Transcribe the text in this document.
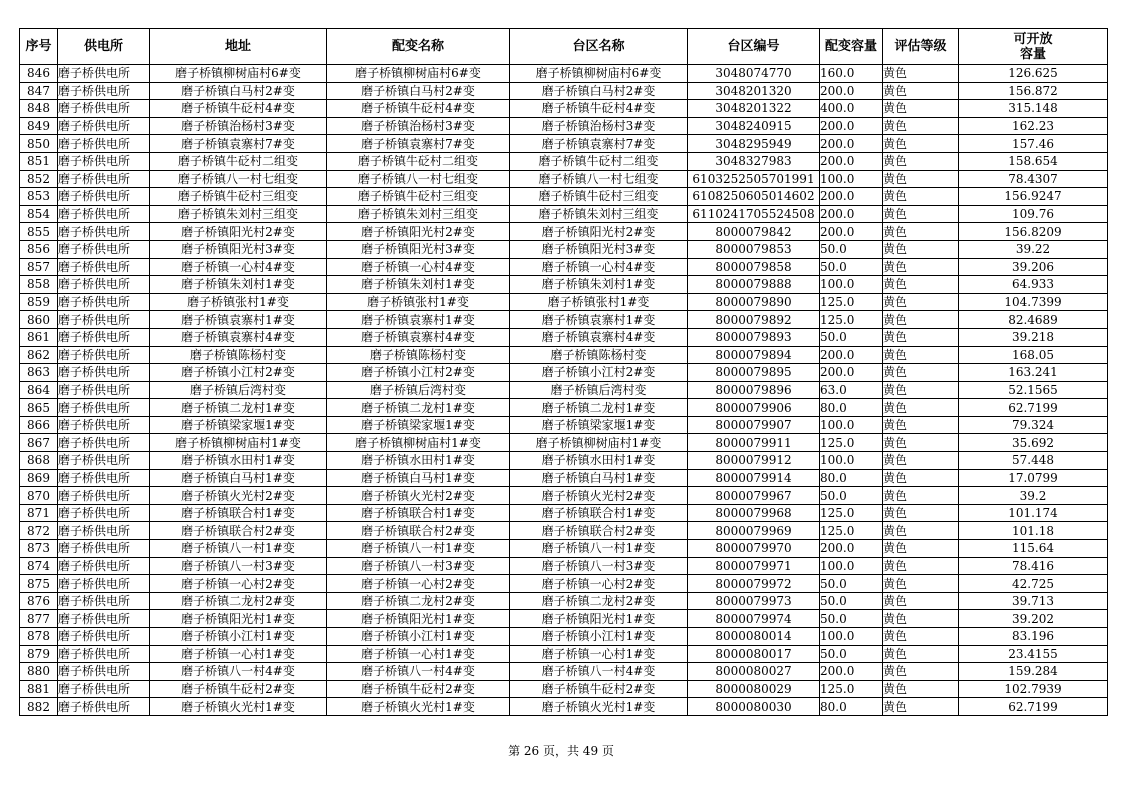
序号	供电所	地址	配变名称	台区名称	台区编号	配变容量	评估等级	可开放
容量

846	磨子桥供电所	磨子桥镇柳树庙村6#变	磨子桥镇柳树庙村6#变	磨子桥镇柳树庙村6#变	3048074770	160.0	黄色	126.625
847	磨子桥供电所	磨子桥镇白马村2#变	磨子桥镇白马村2#变	磨子桥镇白马村2#变	3048201320	200.0	黄色	156.872
848	磨子桥供电所	磨子桥镇牛砭村4#变	磨子桥镇牛砭村4#变	磨子桥镇牛砭村4#变	3048201322	400.0	黄色	315.148
849	磨子桥供电所	磨子桥镇治杨村3#变	磨子桥镇治杨村3#变	磨子桥镇治杨村3#变	3048240915	200.0	黄色	162.23
850	磨子桥供电所	磨子桥镇袁寨村7#变	磨子桥镇袁寨村7#变	磨子桥镇袁寨村7#变	3048295949	200.0	黄色	157.46
851	磨子桥供电所	磨子桥镇牛砭村二组变	磨子桥镇牛砭村二组变	磨子桥镇牛砭村二组变	3048327983	200.0	黄色	158.654
852	磨子桥供电所	磨子桥镇八一村七组变	磨子桥镇八一村七组变	磨子桥镇八一村七组变	6103252505701991	100.0	黄色	78.4307
853	磨子桥供电所	磨子桥镇牛砭村三组变	磨子桥镇牛砭村三组变	磨子桥镇牛砭村三组变	6108250605014602	200.0	黄色	156.9247
854	磨子桥供电所	磨子桥镇朱刘村三组变	磨子桥镇朱刘村三组变	磨子桥镇朱刘村三组变	6110241705524508	200.0	黄色	109.76
855	磨子桥供电所	磨子桥镇阳光村2#变	磨子桥镇阳光村2#变	磨子桥镇阳光村2#变	8000079842	200.0	黄色	156.8209
856	磨子桥供电所	磨子桥镇阳光村3#变	磨子桥镇阳光村3#变	磨子桥镇阳光村3#变	8000079853	50.0	黄色	39.22
857	磨子桥供电所	磨子桥镇一心村4#变	磨子桥镇一心村4#变	磨子桥镇一心村4#变	8000079858	50.0	黄色	39.206
858	磨子桥供电所	磨子桥镇朱刘村1#变	磨子桥镇朱刘村1#变	磨子桥镇朱刘村1#变	8000079888	100.0	黄色	64.933
859	磨子桥供电所	磨子桥镇张村1#变	磨子桥镇张村1#变	磨子桥镇张村1#变	8000079890	125.0	黄色	104.7399
860	磨子桥供电所	磨子桥镇袁寨村1#变	磨子桥镇袁寨村1#变	磨子桥镇袁寨村1#变	8000079892	125.0	黄色	82.4689
861	磨子桥供电所	磨子桥镇袁寨村4#变	磨子桥镇袁寨村4#变	磨子桥镇袁寨村4#变	8000079893	50.0	黄色	39.218
862	磨子桥供电所	磨子桥镇陈杨村变	磨子桥镇陈杨村变	磨子桥镇陈杨村变	8000079894	200.0	黄色	168.05
863	磨子桥供电所	磨子桥镇小江村2#变	磨子桥镇小江村2#变	磨子桥镇小江村2#变	8000079895	200.0	黄色	163.241
864	磨子桥供电所	磨子桥镇后湾村变	磨子桥镇后湾村变	磨子桥镇后湾村变	8000079896	63.0	黄色	52.1565
865	磨子桥供电所	磨子桥镇二龙村1#变	磨子桥镇二龙村1#变	磨子桥镇二龙村1#变	8000079906	80.0	黄色	62.7199
866	磨子桥供电所	磨子桥镇梁家堰1#变	磨子桥镇梁家堰1#变	磨子桥镇梁家堰1#变	8000079907	100.0	黄色	79.324
867	磨子桥供电所	磨子桥镇柳树庙村1#变	磨子桥镇柳树庙村1#变	磨子桥镇柳树庙村1#变	8000079911	125.0	黄色	35.692
868	磨子桥供电所	磨子桥镇水田村1#变	磨子桥镇水田村1#变	磨子桥镇水田村1#变	8000079912	100.0	黄色	57.448
869	磨子桥供电所	磨子桥镇白马村1#变	磨子桥镇白马村1#变	磨子桥镇白马村1#变	8000079914	80.0	黄色	17.0799
870	磨子桥供电所	磨子桥镇火光村2#变	磨子桥镇火光村2#变	磨子桥镇火光村2#变	8000079967	50.0	黄色	39.2
871	磨子桥供电所	磨子桥镇联合村1#变	磨子桥镇联合村1#变	磨子桥镇联合村1#变	8000079968	125.0	黄色	101.174
872	磨子桥供电所	磨子桥镇联合村2#变	磨子桥镇联合村2#变	磨子桥镇联合村2#变	8000079969	125.0	黄色	101.18
873	磨子桥供电所	磨子桥镇八一村1#变	磨子桥镇八一村1#变	磨子桥镇八一村1#变	8000079970	200.0	黄色	115.64
874	磨子桥供电所	磨子桥镇八一村3#变	磨子桥镇八一村3#变	磨子桥镇八一村3#变	8000079971	100.0	黄色	78.416
875	磨子桥供电所	磨子桥镇一心村2#变	磨子桥镇一心村2#变	磨子桥镇一心村2#变	8000079972	50.0	黄色	42.725
876	磨子桥供电所	磨子桥镇二龙村2#变	磨子桥镇二龙村2#变	磨子桥镇二龙村2#变	8000079973	50.0	黄色	39.713
877	磨子桥供电所	磨子桥镇阳光村1#变	磨子桥镇阳光村1#变	磨子桥镇阳光村1#变	8000079974	50.0	黄色	39.202
878	磨子桥供电所	磨子桥镇小江村1#变	磨子桥镇小江村1#变	磨子桥镇小江村1#变	8000080014	100.0	黄色	83.196
879	磨子桥供电所	磨子桥镇一心村1#变	磨子桥镇一心村1#变	磨子桥镇一心村1#变	8000080017	50.0	黄色	23.4155
880	磨子桥供电所	磨子桥镇八一村4#变	磨子桥镇八一村4#变	磨子桥镇八一村4#变	8000080027	200.0	黄色	159.284
881	磨子桥供电所	磨子桥镇牛砭村2#变	磨子桥镇牛砭村2#变	磨子桥镇牛砭村2#变	8000080029	125.0	黄色	102.7939
882	磨子桥供电所	磨子桥镇火光村1#变	磨子桥镇火光村1#变	磨子桥镇火光村1#变	8000080030	80.0	黄色	62.7199
第 26 页，共 49 页
